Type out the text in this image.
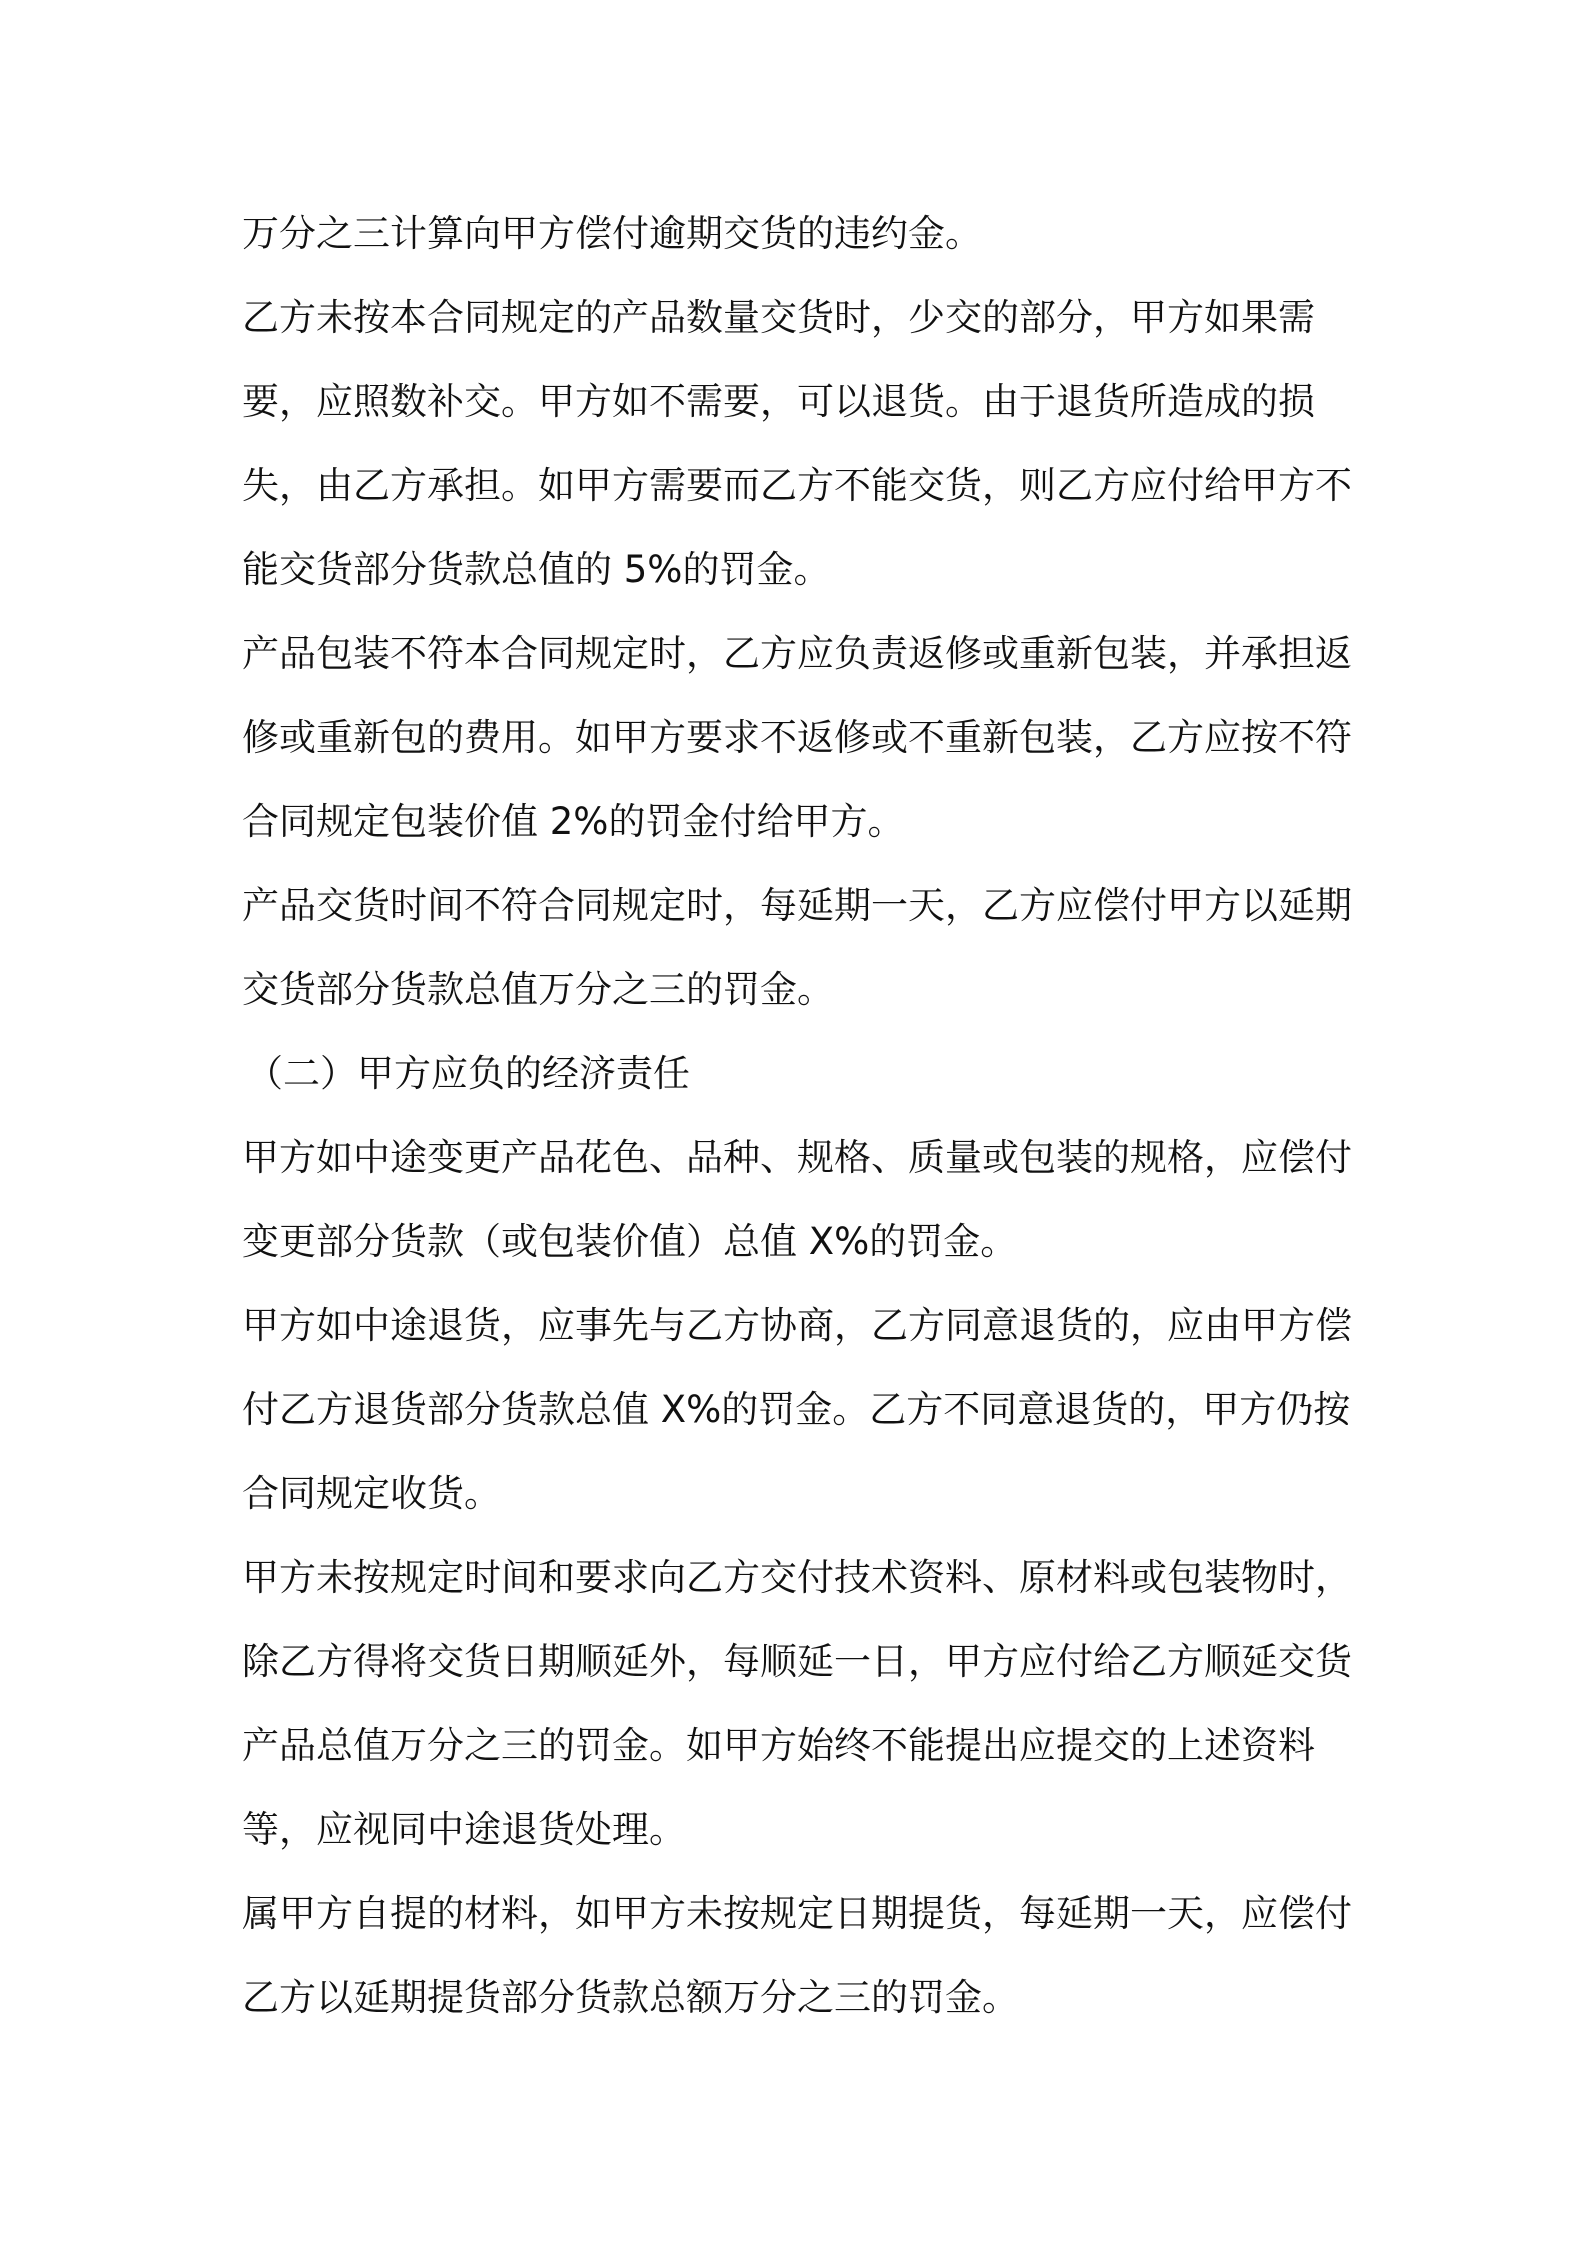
万分之三计算向甲方偿付逾期交货的违约金。

乙方未按本合同规定的产品数量交货时，少交的部分，甲方如果需要，应照数补交。甲方如不需要，可以退货。由于退货所造成的损失，由乙方承担。如甲方需要而乙方不能交货，则乙方应付给甲方不能交货部分货款总值的 5%的罚金。

产品包装不符本合同规定时，乙方应负责返修或重新包装，并承担返修或重新包的费用。如甲方要求不返修或不重新包装，乙方应按不符合同规定包装价值 2%的罚金付给甲方。

产品交货时间不符合同规定时，每延期一天，乙方应偿付甲方以延期交货部分货款总值万分之三的罚金。

（二）甲方应负的经济责任

甲方如中途变更产品花色、品种、规格、质量或包装的规格，应偿付变更部分货款（或包装价值）总值 X%的罚金。

甲方如中途退货，应事先与乙方协商，乙方同意退货的，应由甲方偿付乙方退货部分货款总值 X%的罚金。乙方不同意退货的，甲方仍按合同规定收货。

甲方未按规定时间和要求向乙方交付技术资料、原材料或包装物时，除乙方得将交货日期顺延外，每顺延一日，甲方应付给乙方顺延交货产品总值万分之三的罚金。如甲方始终不能提出应提交的上述资料等，应视同中途退货处理。

属甲方自提的材料，如甲方未按规定日期提货，每延期一天，应偿付乙方以延期提货部分货款总额万分之三的罚金。
